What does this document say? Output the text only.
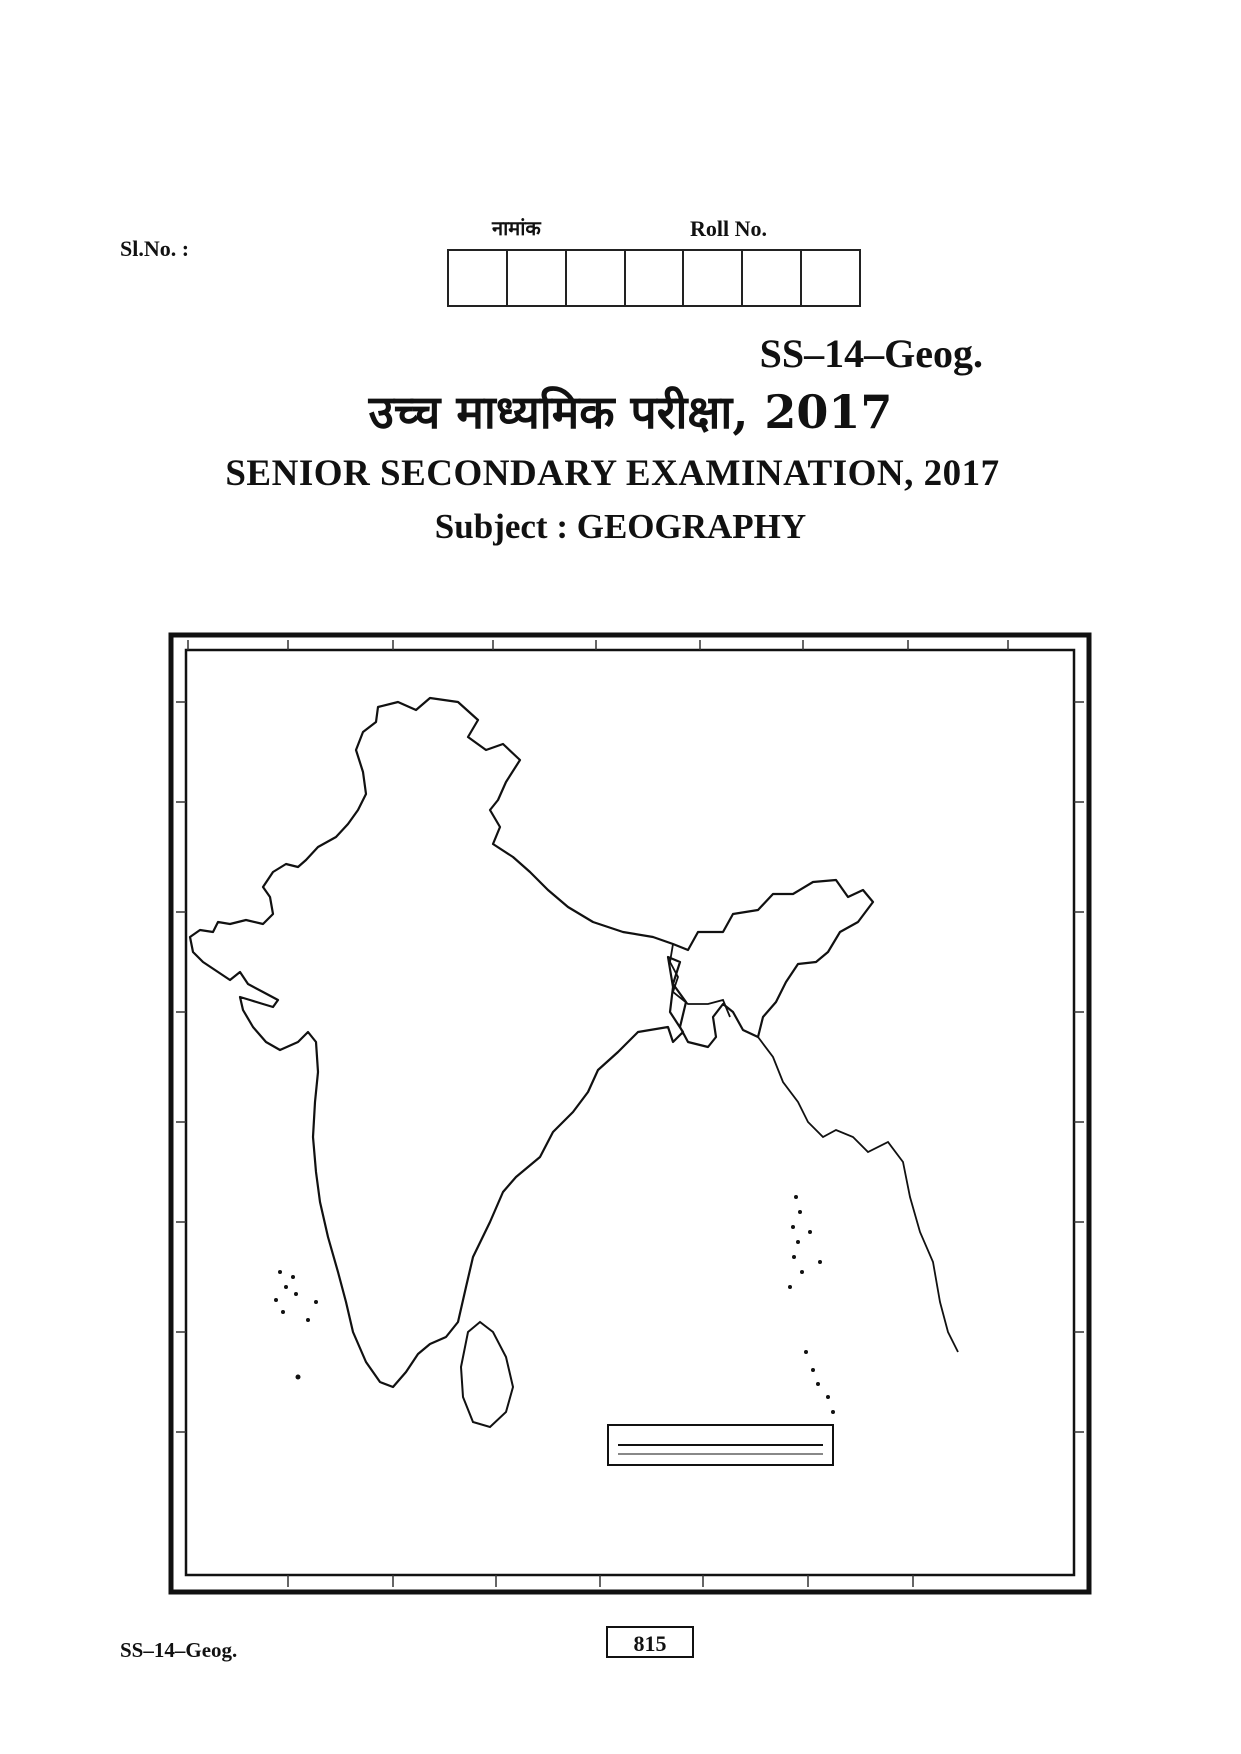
Sl.No. :
नामांक	Roll No.
SS–14–Geog.
उच्च माध्यमिक परीक्षा, 2017
SENIOR SECONDARY EXAMINATION, 2017
Subject : GEOGRAPHY
SS–14–Geog.	815
